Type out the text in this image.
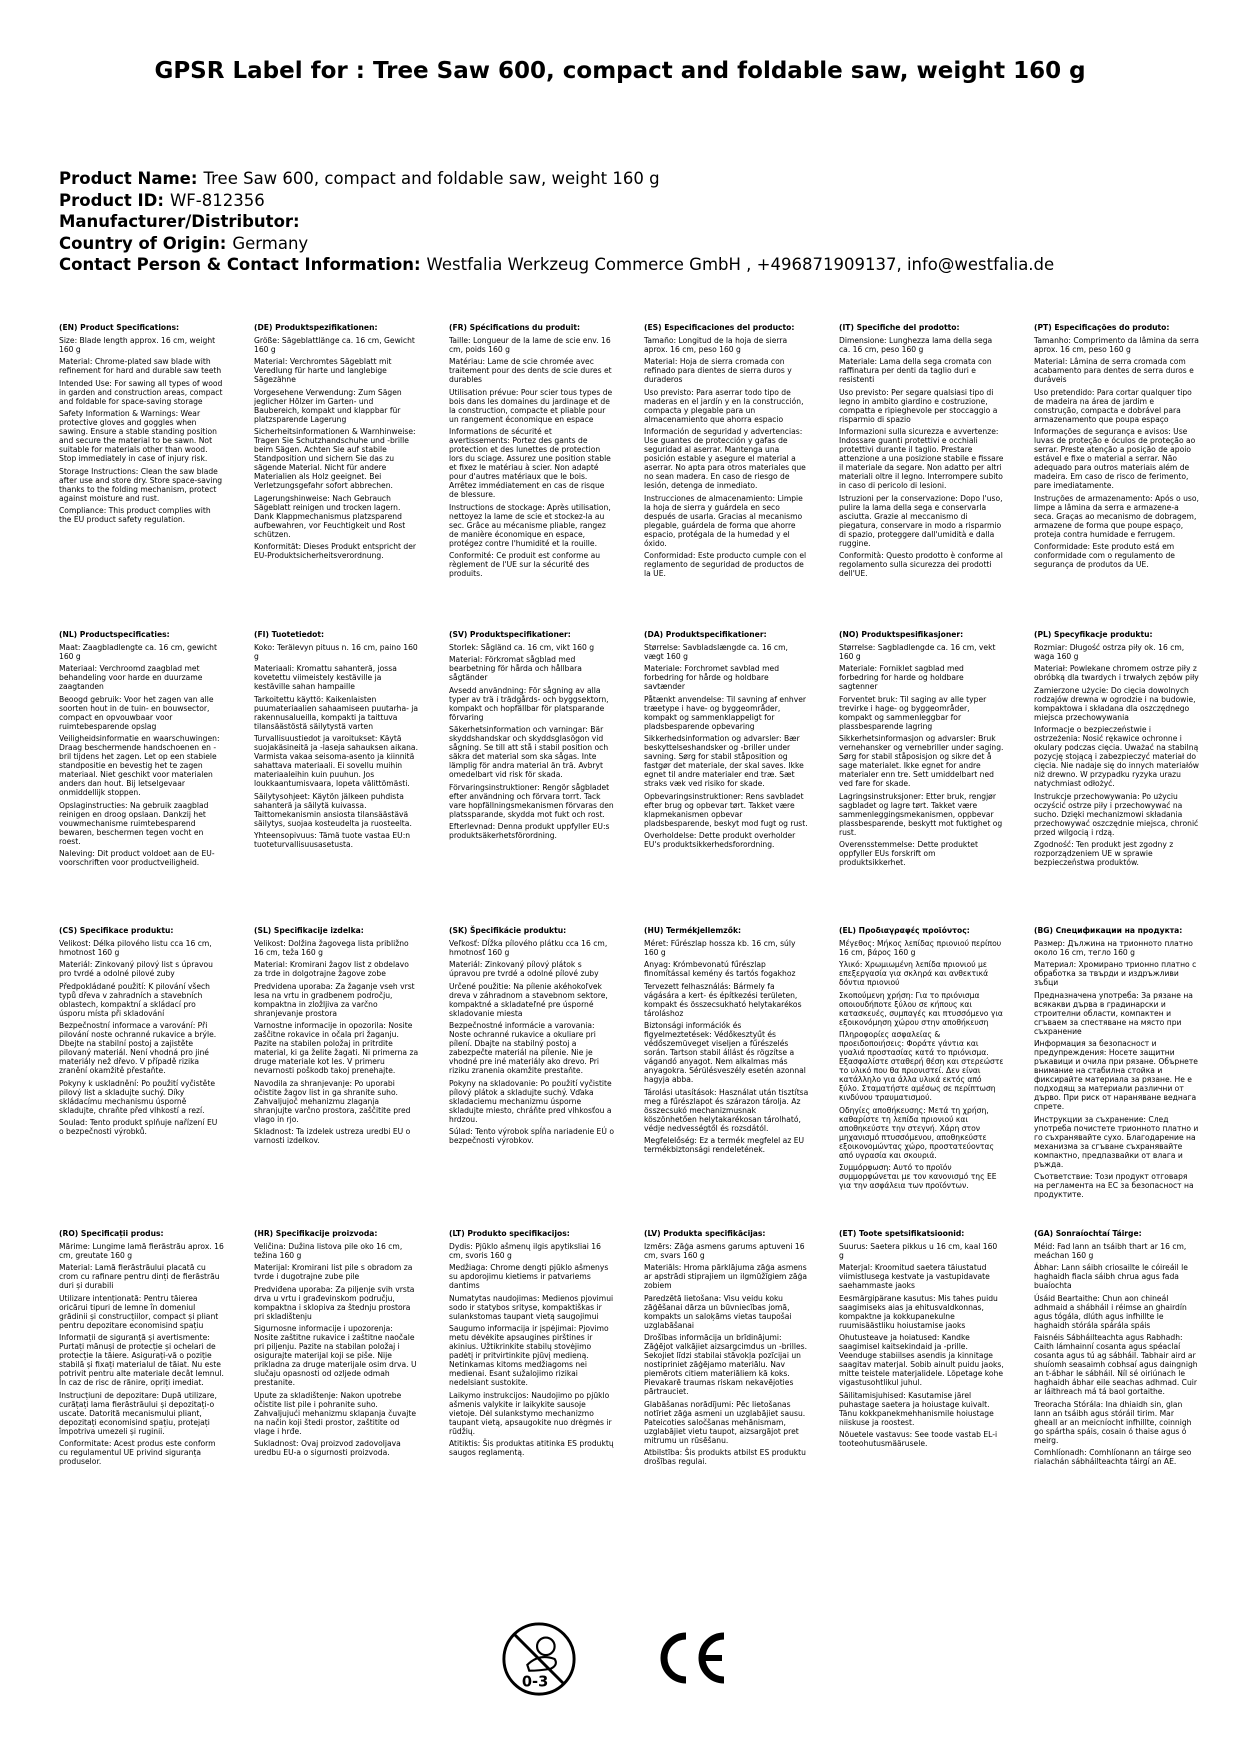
GPSR Label for : Tree Saw 600, compact and foldable saw, weight 160 g
Product Name: Tree Saw 600, compact and foldable saw, weight 160 g
Product ID: WF-812356
Manufacturer/Distributor:
Country of Origin: Germany
Contact Person & Contact Information: Westfalia Werkzeug Commerce GmbH , +496871909137, info@westfalia.de

(EN) Product Specifications:

Size: Blade length approx. 16 cm, weight 160 g

Material: Chrome-plated saw blade with refinement for hard and durable saw teeth

Intended Use: For sawing all types of wood in garden and construction areas, compact and foldable for space-saving storage

Safety Information & Warnings: Wear protective gloves and goggles when sawing. Ensure a stable standing position and secure the material to be sawn. Not suitable for materials other than wood. Stop immediately in case of injury risk.

Storage Instructions: Clean the saw blade after use and store dry. Store space-saving thanks to the folding mechanism, protect against moisture and rust.

Compliance: This product complies with the EU product safety regulation.

(DE) Produktspezifikationen:

Größe: Sägeblattlänge ca. 16 cm, Gewicht 160 g

Material: Verchromtes Sägeblatt mit Veredlung für harte und langlebige Sägezähne

Vorgesehene Verwendung: Zum Sägen jeglicher Hölzer im Garten- und Baubereich, kompakt und klappbar für platzsparende Lagerung

Sicherheitsinformationen & Warnhinweise: Tragen Sie Schutzhandschuhe und -brille beim Sägen. Achten Sie auf stabile Standposition und sichern Sie das zu sägende Material. Nicht für andere Materialien als Holz geeignet. Bei Verletzungsgefahr sofort abbrechen.

Lagerungshinweise: Nach Gebrauch Sägeblatt reinigen und trocken lagern. Dank Klappmechanismus platzsparend aufbewahren, vor Feuchtigkeit und Rost schützen.

Konformität: Dieses Produkt entspricht der EU-Produktsicherheitsverordnung.

(FR) Spécifications du produit:

Taille: Longueur de la lame de scie env. 16 cm, poids 160 g

Matériau: Lame de scie chromée avec traitement pour des dents de scie dures et durables

Utilisation prévue: Pour scier tous types de bois dans les domaines du jardinage et de la construction, compacte et pliable pour un rangement économique en espace

Informations de sécurité et avertissements: Portez des gants de protection et des lunettes de protection lors du sciage. Assurez une position stable et fixez le matériau à scier. Non adapté pour d'autres matériaux que le bois. Arrêtez immédiatement en cas de risque de blessure.

Instructions de stockage: Après utilisation, nettoyez la lame de scie et stockez-la au sec. Grâce au mécanisme pliable, rangez de manière économique en espace, protégez contre l'humidité et la rouille.

Conformité: Ce produit est conforme au règlement de l'UE sur la sécurité des produits.

(ES) Especificaciones del producto:

Tamaño: Longitud de la hoja de sierra aprox. 16 cm, peso 160 g

Material: Hoja de sierra cromada con refinado para dientes de sierra duros y duraderos

Uso previsto: Para aserrar todo tipo de maderas en el jardín y en la construcción, compacta y plegable para un almacenamiento que ahorra espacio

Información de seguridad y advertencias: Use guantes de protección y gafas de seguridad al aserrar. Mantenga una posición estable y asegure el material a aserrar. No apta para otros materiales que no sean madera. En caso de riesgo de lesión, detenga de inmediato.

Instrucciones de almacenamiento: Limpie la hoja de sierra y guárdela en seco después de usarla. Gracias al mecanismo plegable, guárdela de forma que ahorre espacio, protégala de la humedad y el óxido.

Conformidad: Este producto cumple con el reglamento de seguridad de productos de la UE.

(IT) Specifiche del prodotto:

Dimensione: Lunghezza lama della sega ca. 16 cm, peso 160 g

Materiale: Lama della sega cromata con raffinatura per denti da taglio duri e resistenti

Uso previsto: Per segare qualsiasi tipo di legno in ambito giardino e costruzione, compatta e ripieghevole per stoccaggio a risparmio di spazio

Informazioni sulla sicurezza e avvertenze: Indossare guanti protettivi e occhiali protettivi durante il taglio. Prestare attenzione a una posizione stabile e fissare il materiale da segare. Non adatto per altri materiali oltre il legno. Interrompere subito in caso di pericolo di lesioni.

Istruzioni per la conservazione: Dopo l'uso, pulire la lama della sega e conservarla asciutta. Grazie al meccanismo di piegatura, conservare in modo a risparmio di spazio, proteggere dall'umidità e dalla ruggine.

Conformità: Questo prodotto è conforme al regolamento sulla sicurezza dei prodotti dell'UE.

(PT) Especificações do produto:

Tamanho: Comprimento da lâmina da serra aprox. 16 cm, peso 160 g

Material: Lâmina de serra cromada com acabamento para dentes de serra duros e duráveis

Uso pretendido: Para cortar qualquer tipo de madeira na área de jardim e construção, compacta e dobrável para armazenamento que poupa espaço

Informações de segurança e avisos: Use luvas de proteção e óculos de proteção ao serrar. Preste atenção a posição de apoio estável e fixe o material a serrar. Não adequado para outros materiais além de madeira. Em caso de risco de ferimento, pare imediatamente.

Instruções de armazenamento: Após o uso, limpe a lâmina da serra e armazene-a seca. Graças ao mecanismo de dobragem, armazene de forma que poupe espaço, proteja contra humidade e ferrugem.

Conformidade: Este produto está em conformidade com o regulamento de segurança de produtos da UE.

(NL) Productspecificaties:

Maat: Zaagbladlengte ca. 16 cm, gewicht 160 g

Materiaal: Verchroomd zaagblad met behandeling voor harde en duurzame zaagtanden

Beoogd gebruik: Voor het zagen van alle soorten hout in de tuin- en bouwsector, compact en opvouwbaar voor ruimtebesparende opslag

Veiligheidsinformatie en waarschuwingen: Draag beschermende handschoenen en -bril tijdens het zagen. Let op een stabiele standpositie en bevestig het te zagen materiaal. Niet geschikt voor materialen anders dan hout. Bij letselgevaar onmiddellijk stoppen.

Opslaginstructies: Na gebruik zaagblad reinigen en droog opslaan. Dankzij het vouwmechanisme ruimtebesparend bewaren, beschermen tegen vocht en roest.

Naleving: Dit product voldoet aan de EU-voorschriften voor productveiligheid.

(FI) Tuotetiedot:

Koko: Terälevyn pituus n. 16 cm, paino 160 g

Materiaali: Kromattu sahanterä, jossa kovetettu viimeistely kestäville ja kestäville sahan hampaille

Tarkoitettu käyttö: Kaikenlaisten puumateriaalien sahaamiseen puutarha- ja rakennusalueilla, kompakti ja taittuva tilansäästöstä säilytystä varten

Turvallisuustiedot ja varoitukset: Käytä suojakäsineitä ja -laseja sahauksen aikana. Varmista vakaa seisoma-asento ja kiinnitä sahattava materiaali. Ei sovellu muihin materiaaleihin kuin puuhun. Jos loukkaantumisvaara, lopeta välittömästi.

Säilytysohjeet: Käytön jälkeen puhdista sahanterä ja säilytä kuivassa. Taittomekanismin ansiosta tilansäästävä säilytys, suojaa kosteudelta ja ruosteelta.

Yhteensopivuus: Tämä tuote vastaa EU:n tuoteturvallisuusasetusta.

(SV) Produktspecifikationer:

Storlek: Sågländ ca. 16 cm, vikt 160 g

Material: Förkromat sågblad med bearbetning för hårda och hållbara sågtänder

Avsedd användning: För sågning av alla typer av trä i trädgårds- och byggsektorn, kompakt och hopfällbar för platsparande förvaring

Säkerhetsinformation och varningar: Bär skyddshandskar och skyddsglasögon vid sågning. Se till att stå i stabil position och säkra det material som ska sågas. Inte lämplig för andra material än trä. Avbryt omedelbart vid risk för skada.

Förvaringsinstruktioner: Rengör sågbladet efter användning och förvara torrt. Tack vare hopfällningsmekanismen förvaras den platssparande, skydda mot fukt och rost.

Efterlevnad: Denna produkt uppfyller EU:s produktsäkerhetsförordning.

(DA) Produktspecifikationer:

Størrelse: Savbladslængde ca. 16 cm, vægt 160 g

Materiale: Forchromet savblad med forbedring for hårde og holdbare savtænder

Påtænkt anvendelse: Til savning af enhver træetype i have- og byggeområder, kompakt og sammenklappeligt for pladsbesparende opbevaring

Sikkerhedsinformation og advarsler: Bær beskyttelseshandsker og -briller under savning. Sørg for stabil ståposition og fastgør det materiale, der skal saves. Ikke egnet til andre materialer end træ. Sæt straks væk ved risiko for skade.

Opbevaringsinstruktioner: Rens savbladet efter brug og opbevar tørt. Takket være klapmekanismen opbevar pladsbesparende, beskyt mod fugt og rust.

Overholdelse: Dette produkt overholder EU's produktsikkerhedsforordning.

(NO) Produktspesifikasjoner:

Størrelse: Sagbladlengde ca. 16 cm, vekt 160 g

Materiale: Forniklet sagblad med forbedring for harde og holdbare sagtenner

Forventet bruk: Til saging av alle typer trevirke i hage- og byggeområder, kompakt og sammenleggbar for plassbesparende lagring

Sikkerhetsinformasjon og advarsler: Bruk vernehansker og vernebriller under saging. Sørg for stabil ståposisjon og sikre det å sage materialet. Ikke egnet for andre materialer enn tre. Sett umiddelbart ned ved fare for skade.

Lagringsinstruksjoner: Etter bruk, rengjør sagbladet og lagre tørt. Takket være sammenleggingsmekanismen, oppbevar plassbesparende, beskytt mot fuktighet og rust.

Overensstemmelse: Dette produktet oppfyller EUs forskrift om produktsikkerhet.

(PL) Specyfikacje produktu:

Rozmiar: Długość ostrza piły ok. 16 cm, waga 160 g

Materiał: Powlekane chromem ostrze piły z obróbką dla twardych i trwałych zębów piły

Zamierzone użycie: Do cięcia dowolnych rodzajów drewna w ogrodzie i na budowie, kompaktowa i składana dla oszczędnego miejsca przechowywania

Informacje o bezpieczeństwie i ostrzeżenia: Nosić rękawice ochronne i okulary podczas cięcia. Uważać na stabilną pozycję stojącą i zabezpieczyć materiał do cięcia. Nie nadaje się do innych materiałów niż drewno. W przypadku ryzyka urazu natychmiast odłożyć.

Instrukcje przechowywania: Po użyciu oczyścić ostrze piły i przechowywać na sucho. Dzięki mechanizmowi składania przechowywać oszczędnie miejsca, chronić przed wilgocią i rdzą.

Zgodność: Ten produkt jest zgodny z rozporządzeniem UE w sprawie bezpieczeństwa produktów.

(CS) Specifikace produktu:

Velikost: Délka pilového listu cca 16 cm, hmotnost 160 g

Materiál: Zinkovaný pilový list s úpravou pro tvrdé a odolné pilové zuby

Předpokládané použití: K pilování všech typů dřeva v zahradních a stavebních oblastech, kompaktní a skládací pro úsporu místa při skladování

Bezpečnostní informace a varování: Při pilování noste ochranné rukavice a brýle. Dbejte na stabilní postoj a zajistěte pilovaný materiál. Není vhodná pro jiné materiály než dřevo. V případě rizika zranění okamžitě přestaňte.

Pokyny k uskladnění: Po použití vyčistěte pilový list a skladujte suchý. Díky skládacímu mechanismu úsporně skladujte, chraňte před vlhkostí a rezí.

Soulad: Tento produkt splňuje nařízení EU o bezpečnosti výrobků.

(SL) Specifikacije izdelka:

Velikost: Dolžina žagovega lista približno 16 cm, teža 160 g

Material: Kromirani žagov list z obdelavo za trde in dolgotrajne žagove zobe

Predvidena uporaba: Za žaganje vseh vrst lesa na vrtu in gradbenem področju, kompaktna in zložljiva za varčno shranjevanje prostora

Varnostne informacije in opozorila: Nosite zaščitne rokavice in očala pri žaganju. Pazite na stabilen položaj in pritrdite material, ki ga želite žagati. Ni primerna za druge materiale kot les. V primeru nevarnosti poškodb takoj prenehajte.

Navodila za shranjevanje: Po uporabi očistite žagov list in ga shranite suho. Zahvaljujoč mehanizmu zlaganja shranjujte varčno prostora, zaščitite pred vlago in rjo.

Skladnost: Ta izdelek ustreza uredbi EU o varnosti izdelkov.

(SK) Špecifikácie produktu:

Veľkosť: Dĺžka pílového plátku cca 16 cm, hmotnosť 160 g

Materiál: Zinkovaný pílový plátok s úpravou pre tvrdé a odolné pílové zuby

Určené použitie: Na pílenie akéhokoľvek dreva v záhradnom a stavebnom sektore, kompaktné a skladateľné pre úsporné skladovanie miesta

Bezpečnostné informácie a varovania: Noste ochranné rukavice a okuliare pri pílení. Dbajte na stabilný postoj a zabezpečte materiál na pílenie. Nie je vhodné pre iné materiály ako drevo. Pri riziku zranenia okamžite prestaňte.

Pokyny na skladovanie: Po použití vyčistite pílový plátok a skladujte suchý. Vďaka skladaciemu mechanizmu úsporne skladujte miesto, chráňte pred vlhkosťou a hrdzou.

Súlad: Tento výrobok spĺňa nariadenie EÚ o bezpečnosti výrobkov.

(HU) Termékjellemzők:

Méret: Fűrészlap hossza kb. 16 cm, súly 160 g

Anyag: Krómbevonatú fűrészlap finomítással kemény és tartós fogakhoz

Tervezett felhasználás: Bármely fa vágására a kert- és építkezési területen, kompakt és összecsukható helytakarékos tároláshoz

Biztonsági információk és figyelmeztetések: Védőkesztyűt és védőszemüveget viseljen a fűrészelés során. Tartson stabil állást és rögzítse a vágandó anyagot. Nem alkalmas más anyagokra. Sérülésveszély esetén azonnal hagyja abba.

Tárolási utasítások: Használat után tisztítsa meg a fűrészlapot és szárazon tárolja. Az összecsukó mechanizmusnak köszönhetően helytakarékosan tárolható, védje nedvességtől és rozsdától.

Megfelelőség: Ez a termék megfelel az EU termékbiztonsági rendeletének.

(EL) Προδιαγραφές προϊόντος:

Μέγεθος: Μήκος λεπίδας πριονιού περίπου 16 cm, βάρος 160 g

Υλικό: Χρωμιωμένη λεπίδα πριονιού με επεξεργασία για σκληρά και ανθεκτικά δόντια πριονιού

Σκοπούμενη χρήση: Για το πριόνισμα οποιουδήποτε ξύλου σε κήπους και κατασκευές, συμπαγές και πτυσσόμενο για εξοικονόμηση χώρου στην αποθήκευση

Πληροφορίες ασφαλείας & προειδοποιήσεις: Φοράτε γάντια και γυαλιά προστασίας κατά το πριόνισμα. Εξασφαλίστε σταθερή θέση και στερεώστε το υλικό που θα πριονιστεί. Δεν είναι κατάλληλο για άλλα υλικά εκτός από ξύλο. Σταματήστε αμέσως σε περίπτωση κινδύνου τραυματισμού.

Οδηγίες αποθήκευσης: Μετά τη χρήση, καθαρίστε τη λεπίδα πριονιού και αποθηκεύστε την στεγνή. Χάρη στον μηχανισμό πτυσσόμενου, αποθηκεύστε εξοικονομώντας χώρο, προστατεύοντας από υγρασία και σκουριά.

Συμμόρφωση: Αυτό το προϊόν συμμορφώνεται με τον κανονισμό της ΕΕ για την ασφάλεια των προϊόντων.

(BG) Спецификации на продукта:

Размер: Дължина на трионното платно около 16 cm, тегло 160 g

Материал: Хромирано трионно платно с обработка за твърди и издръжливи зъбци

Предназначена употреба: За рязане на всякакви дърва в градинарски и строителни области, компактен и сгъваем за спестяване на място при съхранение

Информация за безопасност и предупреждения: Носете защитни ръкавици и очила при рязане. Обърнете внимание на стабилна стойка и фиксирайте материала за рязане. Не е подходящ за материали различни от дърво. При риск от нараняване веднага спрете.

Инструкции за съхранение: След употреба почистете трионното платно и го съхранявайте сухо. Благодарение на механизма за сгъване съхранявайте компактно, предпазвайки от влага и ръжда.

Съответствие: Този продукт отговаря на регламента на ЕС за безопасност на продуктите.

(RO) Specificații produs:

Mărime: Lungime lamă fierăstrău aprox. 16 cm, greutate 160 g

Material: Lamă fierăstrăului placată cu crom cu rafinare pentru dinți de fierăstrău duri și durabili

Utilizare intenționată: Pentru tăierea oricărui tipuri de lemne în domeniul grădinii și construcțiilor, compact și pliant pentru depozitare economisind spațiu

Informații de siguranță și avertismente: Purtați mănuși de protecție și ochelari de protecție la tăiere. Asigurați-vă o poziție stabilă și fixați materialul de tăiat. Nu este potrivit pentru alte materiale decât lemnul. În caz de risc de rănire, opriți imediat.

Instrucțiuni de depozitare: După utilizare, curățați lama fierăstrăului și depozitați-o uscate. Datorită mecanismului pliant, depozitați economisind spațiu, protejați împotriva umezeli și ruginii.

Conformitate: Acest produs este conform cu regulamentul UE privind siguranța produselor.

(HR) Specifikacije proizvoda:

Veličina: Dužina listova pile oko 16 cm, težina 160 g

Materijal: Kromirani list pile s obradom za tvrde i dugotrajne zube pile

Predviđena uporaba: Za piljenje svih vrsta drva u vrtu i građevinskom području, kompaktna i sklopiva za štednju prostora pri skladištenju

Sigurnosne informacije i upozorenja: Nosite zaštitne rukavice i zaštitne naočale pri piljenju. Pazite na stabilan položaj i osigurajte materijal koji se piše. Nije prikladna za druge materijale osim drva. U slučaju opasnosti od ozljede odmah prestanite.

Upute za skladištenje: Nakon upotrebe očistite list pile i pohranite suho. Zahvaljujući mehanizmu sklapanja čuvajte na način koji štedi prostor, zaštitite od vlage i hrđe.

Sukladnost: Ovaj proizvod zadovoljava uredbu EU-a o sigurnosti proizvoda.

(LT) Produkto specifikacijos:

Dydis: Pjūklo ašmenų ilgis apytiksliai 16 cm, svoris 160 g

Medžiaga: Chrome dengti pjūklo ašmenys su apdorojimu kietiems ir patvariems dantims

Numatytas naudojimas: Medienos pjovimui sodo ir statybos srityse, kompaktiškas ir sulankstomas taupant vietą saugojimui

Saugumo informacija ir įspėjimai: Pjovimo metu dėvėkite apsaugines pirštines ir akinius. Užtikrinkite stabilų stovėjimo padėtį ir pritvirtinkite pjūvį medieną. Netinkamas kitoms medžiagoms nei medienai. Esant sužalojimo rizikai nedelsiant sustokite.

Laikymo instrukcijos: Naudojimo po pjūklo ašmenis valykite ir laikykite sausoje vietoje. Dėl sulankstymo mechanizmo taupant vietą, apsaugokite nuo drėgmės ir rūdžių.

Atitiktis: Šis produktas atitinka ES produktų saugos reglamentą.

(LV) Produkta specifikācijas:

Izmērs: Zāģa asmens garums aptuveni 16 cm, svars 160 g

Materiāls: Hroma pārklājuma zāģa asmens ar apstrādi stiprajiem un ilgmūžīgiem zāģa zobiem

Paredzētā lietošana: Visu veidu koku zāģēšanai dārza un būvniecības jomā, kompakts un saloķāms vietas taupošai uzglabāšanai

Drošības informācija un brīdinājumi: Zāģējot valkājiet aizsargcimdus un -brilles. Sekojiet līdzi stabilai stāvokļa pozīcijai un nostipriniet zāģējamo materiālu. Nav piemērots citiem materiāliem kā koks. Pievakarē traumas riskam nekavējoties pārtrauciet.

Glabāšanas norādījumi: Pēc lietošanas notīriet zāģa asmeni un uzglabājiet sausu. Pateicoties saloc̆šanas mehānismam, uzglabājiet vietu taupot, aizsargājot pret mitrumu un rūsēšanu.

Atbilstība: Šis produkts atbilst ES produktu drošības regulai.

(ET) Toote spetsifikatsioonid:

Suurus: Saetera pikkus u 16 cm, kaal 160 g

Materjal: Kroomitud saetera täiustatud viimistlusega kestvate ja vastupidavate saehammaste jaoks

Eesmärgipärane kasutus: Mis tahes puidu saagimiseks aias ja ehitusvaldkonnas, kompaktne ja kokkupanekulne ruumisäästliku hoiustamise jaoks

Ohutusteave ja hoiatused: Kandke saagimisel kaitsekindaid ja -prille. Veenduge stabiilses asendis ja kinnitage saagitav materjal. Sobib ainult puidu jaoks, mitte teistele materjalidele. Lõpetage kohe vigastusohtlikul juhul.

Säilitamisjuhised: Kasutamise järel puhastage saetera ja hoiustage kuivalt. Tänu kokkpanekmehhanismile hoiustage niiskuse ja roostest.

Nõuetele vastavus: See toode vastab EL-i tooteohutusmäärusele.

(GA) Sonraíochtaí Táirge:

Méid: Fad lann an tsáibh thart ar 16 cm, meáchan 160 g

Ábhar: Lann sáibh criosailte le cóireáil le haghaidh fiacla sáibh chrua agus fada buaíochta

Úsáid Beartaithe: Chun aon chineál adhmaid a shábháil i réimse an ghairdín agus tógála, dlúth agus infhillte le haghaidh stórála spárála spáis

Faisnéis Sábháilteachta agus Rabhadh: Caith lámhainní cosanta agus spéaclaí cosanta agus tú ag sábháil. Tabhair aird ar shuíomh seasaimh cobhsaí agus daingnigh an t-ábhar le sábháil. Níl sé oiriúnach le haghaidh ábhar eile seachas adhmad. Cuir ar láithreach má tá baol gortaithe.

Treoracha Stórála: Ina dhiaidh sin, glan lann an tsáibh agus stóráil tirim. Mar gheall ar an meicníocht infhillte, coinnigh go spártha spáis, cosain ó thaise agus ó meirg.

Comhlíonadh: Comhlíonann an táirge seo rialachán sábháilteachta táirgí an AE.

0-3
